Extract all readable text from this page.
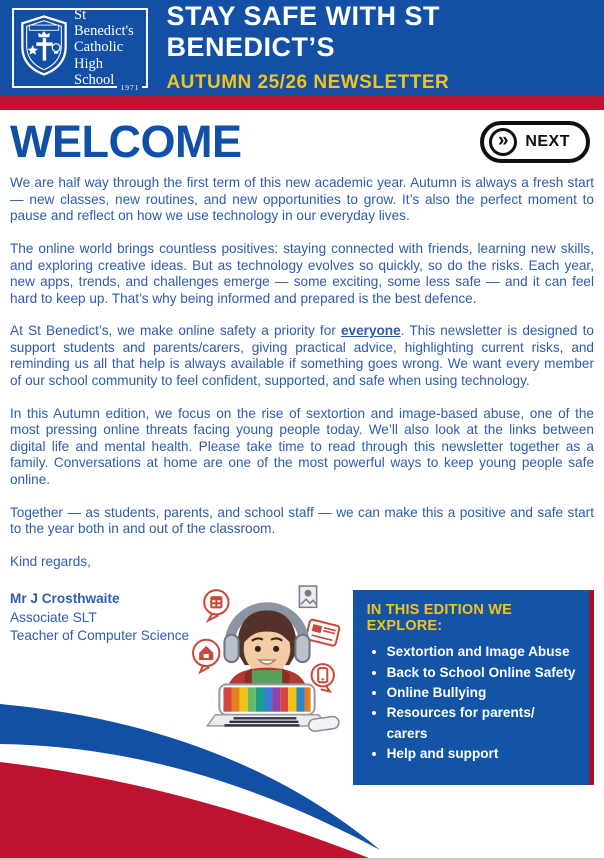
St Benedict's
Catholic High
School 1971
STAY SAFE WITH ST BENEDICT’S
AUTUMN 25/26 NEWSLETTER
WELCOME	»	NEXT

We are half way through the first term of this new academic year. Autumn is always a fresh start — new classes, new routines, and new opportunities to grow. It’s also the perfect moment to pause and reflect on how we use technology in our everyday lives.

The online world brings countless positives: staying connected with friends, learning new skills, and exploring creative ideas. But as technology evolves so quickly, so do the risks. Each year, new apps, trends, and challenges emerge — some exciting, some less safe — and it can feel hard to keep up. That’s why being informed and prepared is the best defence.

At St Benedict’s, we make online safety a priority for everyone. This newsletter is designed to support students and parents/carers, giving practical advice, highlighting current risks, and reminding us all that help is always available if something goes wrong. We want every member of our school community to feel confident, supported, and safe when using technology.

In this Autumn edition, we focus on the rise of sextortion and image-based abuse, one of the most pressing online threats facing young people today. We’ll also look at the links between digital life and mental health. Please take time to read through this newsletter together as a family. Conversations at home are one of the most powerful ways to keep young people safe online.

Together — as students, parents, and school staff — we can make this a positive and safe start to the year both in and out of the classroom.

Kind regards,

Mr J Crosthwaite
Associate SLT
Teacher of Computer Science
IN THIS EDITION WE EXPLORE:
• Sextortion and Image Abuse
• Back to School Online Safety
• Online Bullying
• Resources for parents/ carers
• Help and support
